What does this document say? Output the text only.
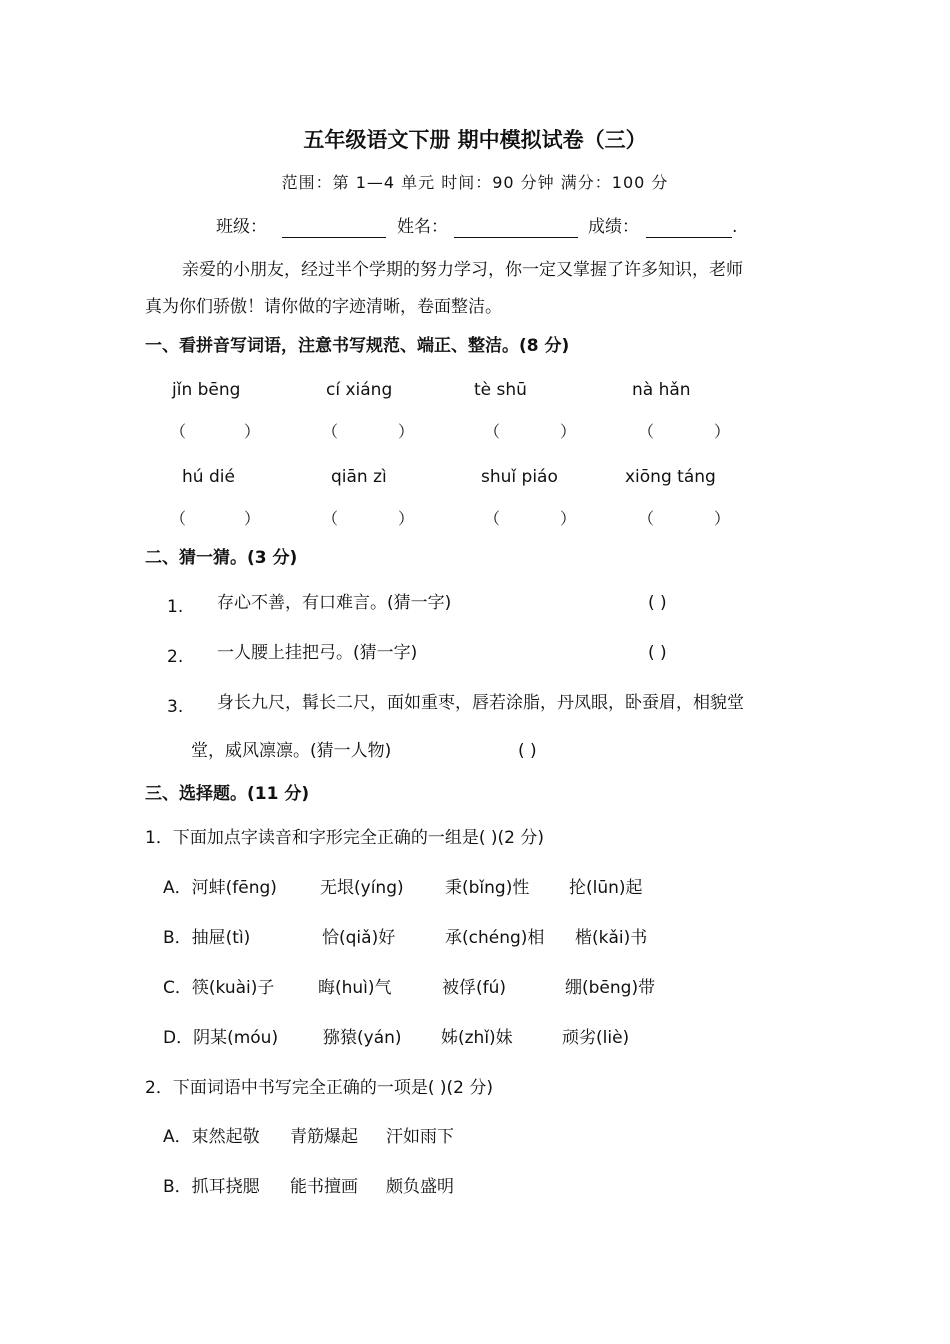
五年级语文下册 期中模拟试卷（三）
范围：第 1—4 单元 时间：90 分钟 满分：100 分
班级：	姓名：	成绩：	.
亲爱的小朋友，经过半个学期的努力学习，你一定又掌握了许多知识，老师
真为你们骄傲！请你做的字迹清晰，卷面整洁。
一、看拼音写词语，注意书写规范、端正、整洁。(8 分)
jǐn bēng	cí xiáng	tè shū	nà hǎn
（	）	（	）	（	）	（	）
hú dié	qiān zì	shuǐ piáo	xiōng táng
（	）	（	）	（	）	（	）
二、猜一猜。(3 分)
1. 存心不善，有口难言。(猜一字)	( )
2. 一人腰上挂把弓。(猜一字)	( )
3. 身长九尺，髯长二尺，面如重枣，唇若涂脂，丹凤眼，卧蚕眉，相貌堂
堂，威风凛凛。(猜一人物)	( )
三、选择题。(11 分)
1．下面加点字读音和字形完全正确的一组是( )(2 分)
A．河蚌(fēng)	无垠(yíng) 秉(bǐng)性 抡(lūn)起
B．抽屉(tì)	恰(qiǎ)好	承(chéng)相 楷(kǎi)书
C．筷(kuài)子	晦(huì)气	被俘(fú)	绷(bēng)带
D．阴某(móu)	猕猿(yán) 姊(zhǐ)妹	顽劣(liè)
2．下面词语中书写完全正确的一项是( )(2 分)
A．束然起敬 青筋爆起 汗如雨下
B．抓耳挠腮 能书擅画 颇负盛明
